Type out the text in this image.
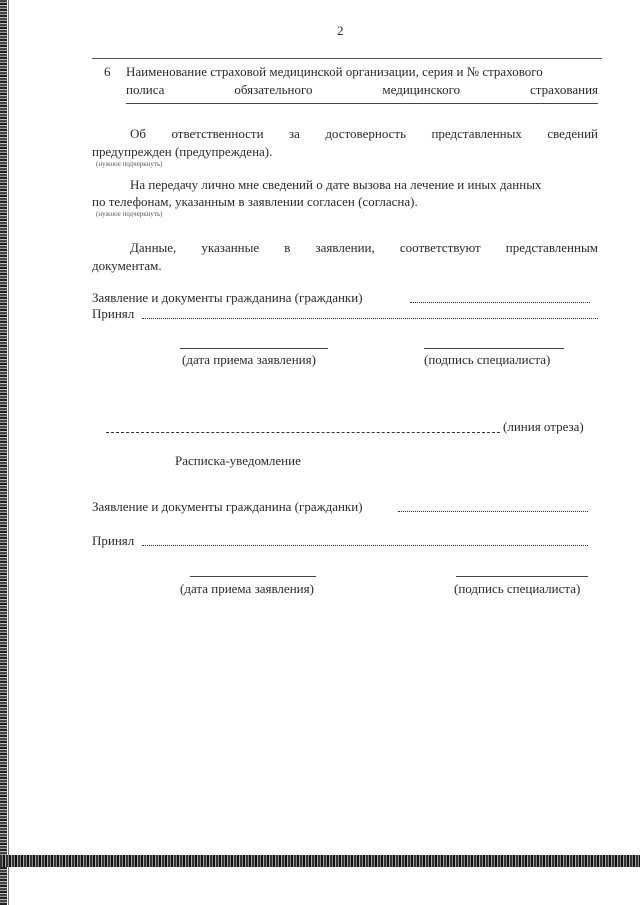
2
6 Наименование страховой медицинской организации, серия и № страхового
полиса	обязательного	медицинского	страхования
Об ответственности за достоверность представленных сведений
предупрежден (предупреждена).
(нужное подчеркнуть)
На передачу лично мне сведений о дате вызова на лечение и иных данных
по телефонам, указанным в заявлении согласен (согласна).
(нужное подчеркнуть)
Данные, указанные в заявлении, соответствуют представленным
документам.
Заявление и документы гражданина (гражданки)
Принял
(дата приема заявления)	(подпись специалиста)
(линия отреза)
Расписка-уведомление
Заявление и документы гражданина (гражданки)
Принял
(дата приема заявления)	(подпись специалиста)
